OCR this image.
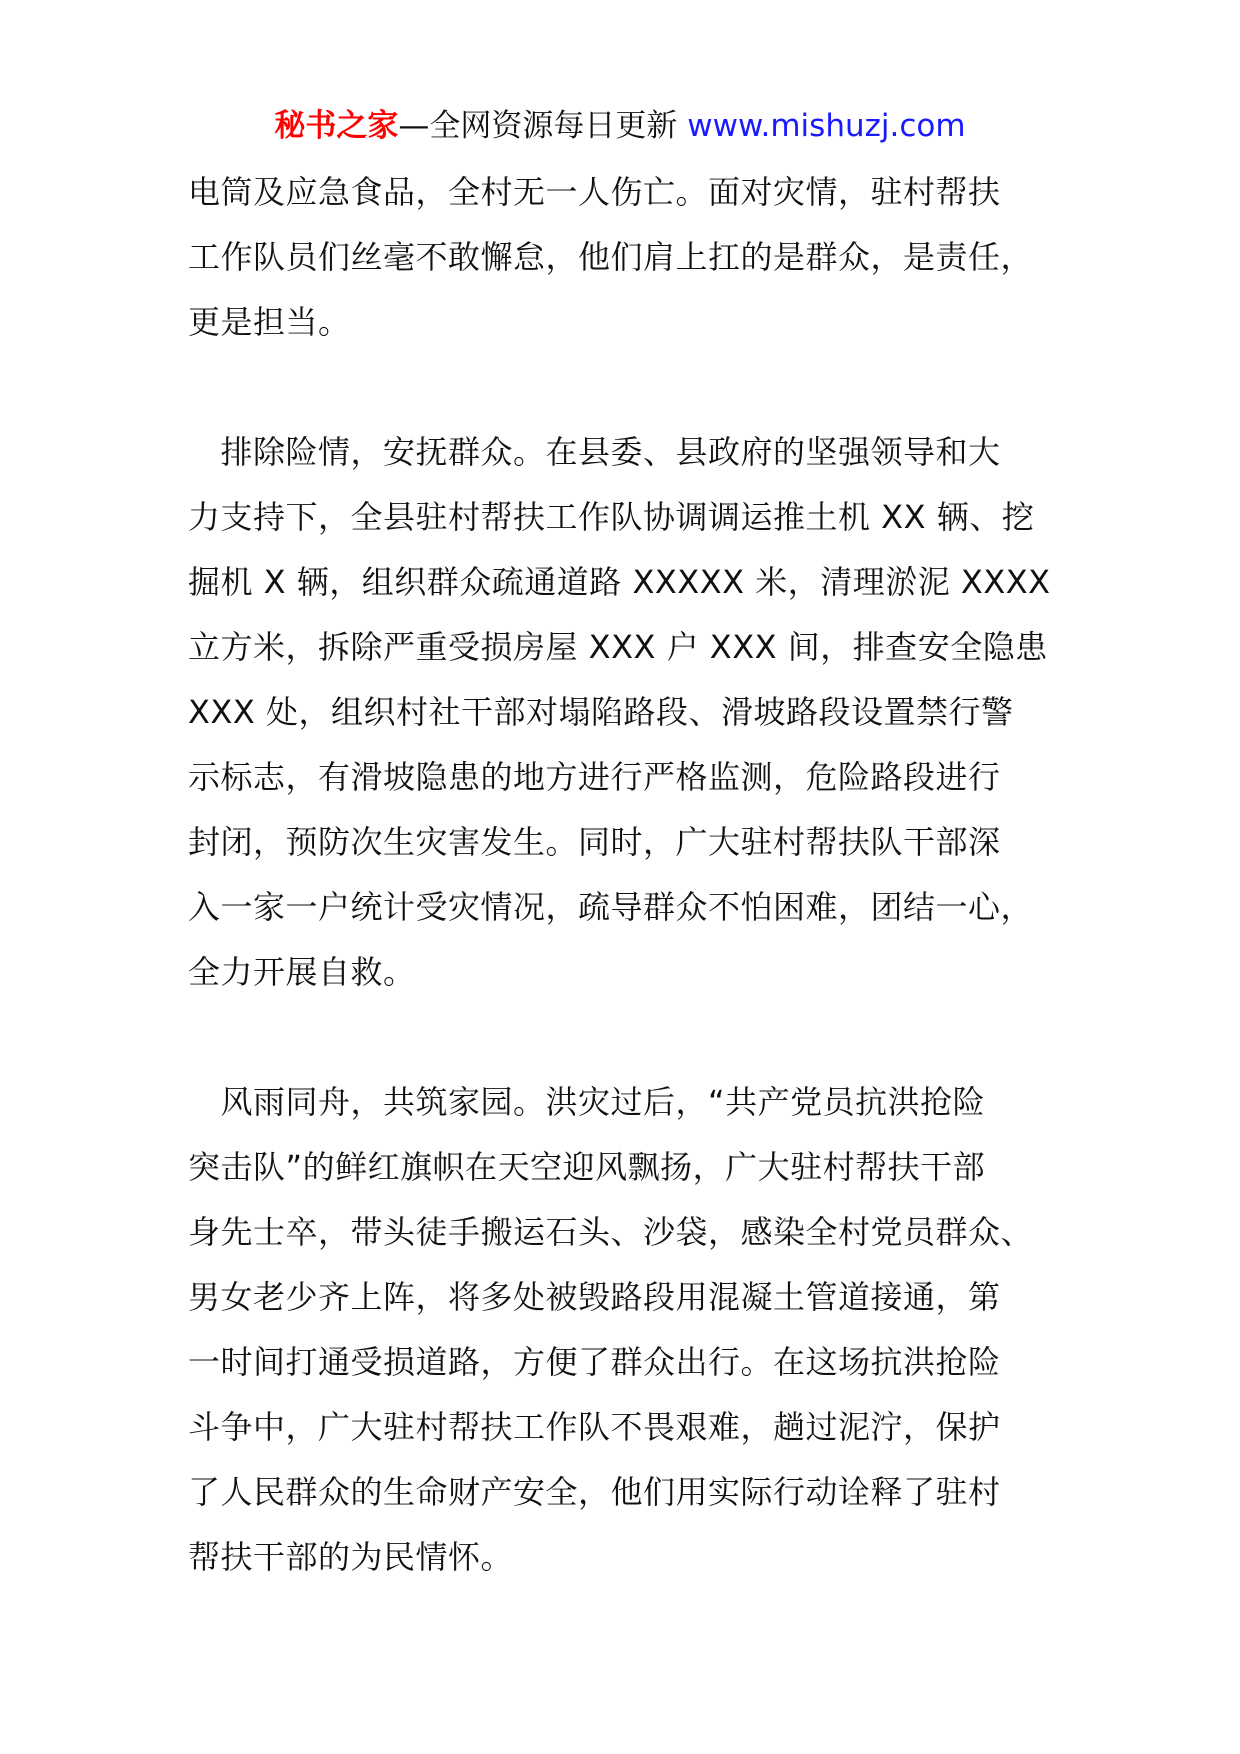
秘书之家—全网资源每日更新 www.mishuzj.com
电筒及应急食品，全村无一人伤亡。面对灾情，驻村帮扶
工作队员们丝毫不敢懈怠，他们肩上扛的是群众，是责任，
更是担当。
　排除险情，安抚群众。在县委、县政府的坚强领导和大
力支持下，全县驻村帮扶工作队协调调运推土机 XX 辆、挖
掘机 X 辆，组织群众疏通道路 XXXXX 米，清理淤泥 XXXX
立方米，拆除严重受损房屋 XXX 户 XXX 间，排查安全隐患
XXX 处，组织村社干部对塌陷路段、滑坡路段设置禁行警
示标志，有滑坡隐患的地方进行严格监测，危险路段进行
封闭，预防次生灾害发生。同时，广大驻村帮扶队干部深
入一家一户统计受灾情况，疏导群众不怕困难，团结一心，
全力开展自救。
　风雨同舟，共筑家园。洪灾过后，“共产党员抗洪抢险
突击队”的鲜红旗帜在天空迎风飘扬，广大驻村帮扶干部
身先士卒，带头徒手搬运石头、沙袋，感染全村党员群众、
男女老少齐上阵，将多处被毁路段用混凝土管道接通，第
一时间打通受损道路，方便了群众出行。在这场抗洪抢险
斗争中，广大驻村帮扶工作队不畏艰难，趟过泥泞，保护
了人民群众的生命财产安全，他们用实际行动诠释了驻村
帮扶干部的为民情怀。
